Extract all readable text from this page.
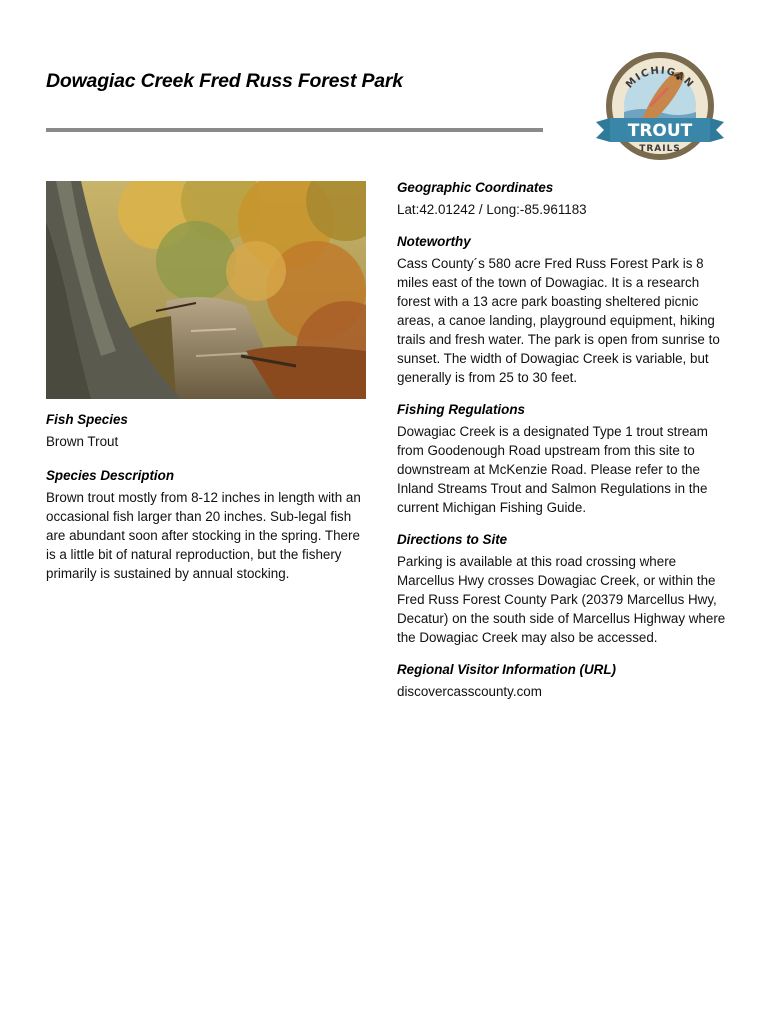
Dowagiac Creek Fred Russ Forest Park	MICHIGAN
TROUT
TRAILS
Fish Species
Brown Trout
Species Description
Brown trout mostly from 8-12 inches in length with an occasional fish larger than 20 inches. Sub-legal fish are abundant soon after stocking in the spring. There is a little bit of natural reproduction, but the fishery primarily is sustained by annual stocking.
Geographic Coordinates
Lat:42.01242 / Long:-85.961183
Noteworthy
Cass County´s 580 acre Fred Russ Forest Park is 8 miles east of the town of Dowagiac. It is a research forest with a 13 acre park boasting sheltered picnic areas, a canoe landing, playground equipment, hiking trails and fresh water. The park is open from sunrise to sunset. The width of Dowagiac Creek is variable, but generally is from 25 to 30 feet.
Fishing Regulations
Dowagiac Creek is a designated Type 1 trout stream from Goodenough Road upstream from this site to downstream at McKenzie Road. Please refer to the Inland Streams Trout and Salmon Regulations in the current Michigan Fishing Guide.
Directions to Site
Parking is available at this road crossing where Marcellus Hwy crosses Dowagiac Creek, or within the Fred Russ Forest County Park (20379 Marcellus Hwy, Decatur) on the south side of Marcellus Highway where the Dowagiac Creek may also be accessed.
Regional Visitor Information (URL)
discovercasscounty.com
